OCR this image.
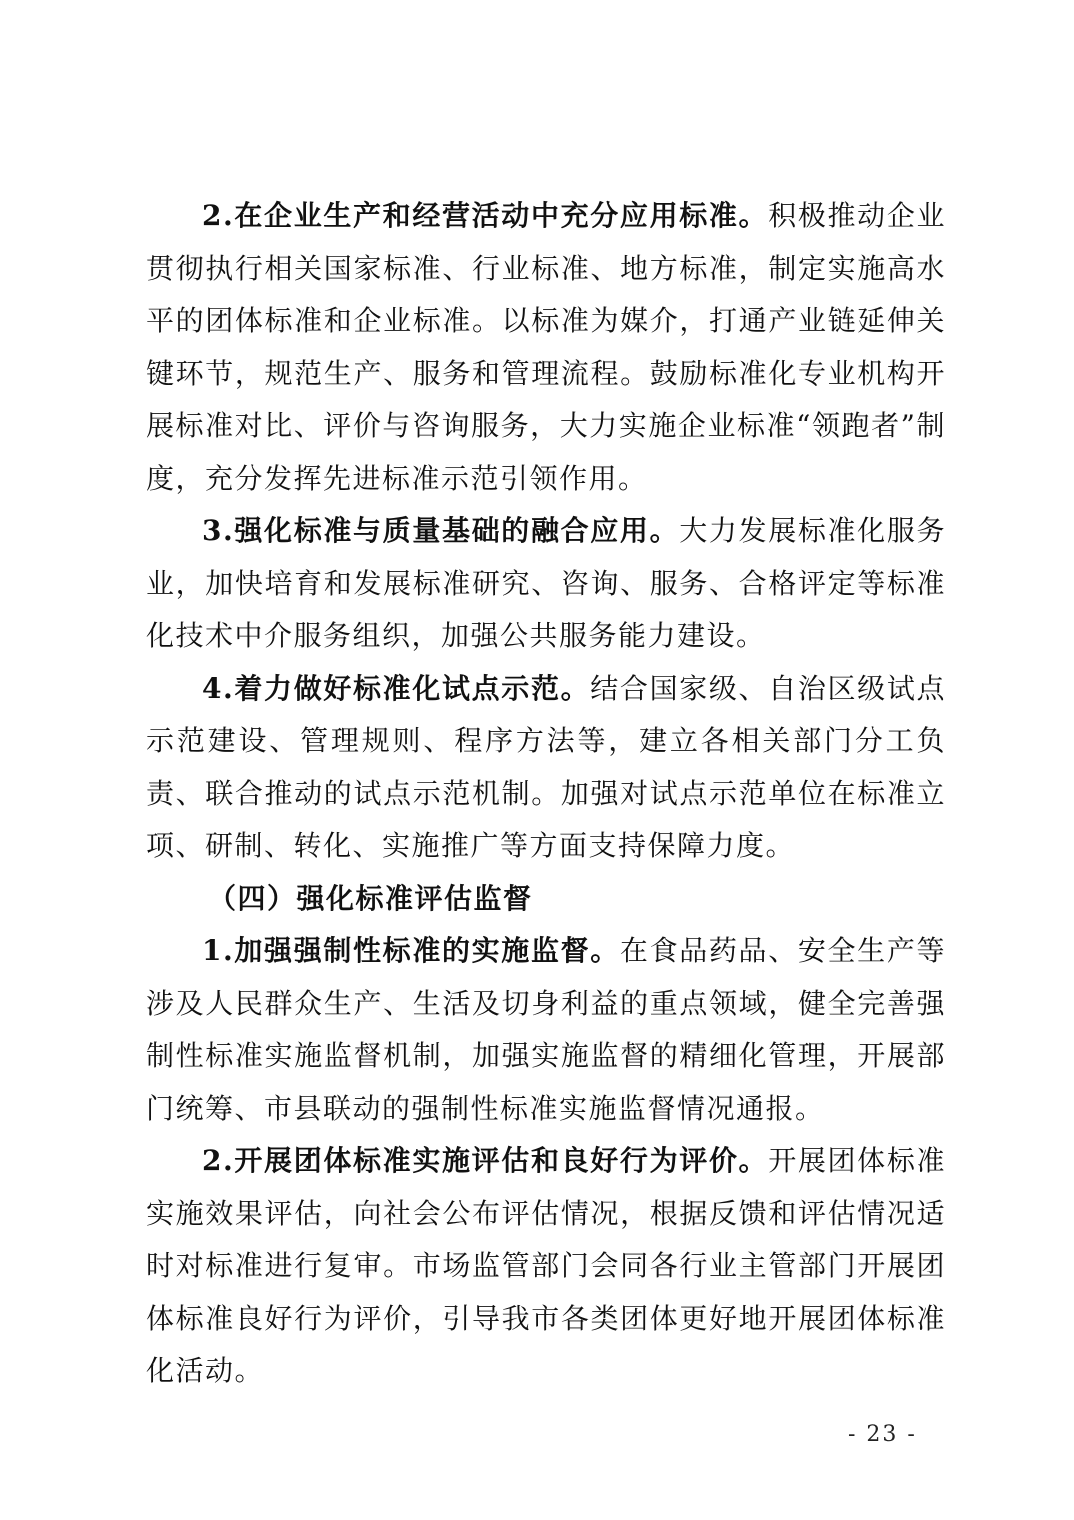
2.在企业生产和经营活动中充分应用标准。积极推动企业贯彻执行相关国家标准、行业标准、地方标准，制定实施高水平的团体标准和企业标准。以标准为媒介，打通产业链延伸关键环节，规范生产、服务和管理流程。鼓励标准化专业机构开展标准对比、评价与咨询服务，大力实施企业标准“领跑者”制度，充分发挥先进标准示范引领作用。

3.强化标准与质量基础的融合应用。大力发展标准化服务业，加快培育和发展标准研究、咨询、服务、合格评定等标准化技术中介服务组织，加强公共服务能力建设。

4.着力做好标准化试点示范。结合国家级、自治区级试点示范建设、管理规则、程序方法等，建立各相关部门分工负责、联合推动的试点示范机制。加强对试点示范单位在标准立项、研制、转化、实施推广等方面支持保障力度。

（四）强化标准评估监督

1.加强强制性标准的实施监督。在食品药品、安全生产等涉及人民群众生产、生活及切身利益的重点领域，健全完善强制性标准实施监督机制，加强实施监督的精细化管理，开展部门统筹、市县联动的强制性标准实施监督情况通报。

2.开展团体标准实施评估和良好行为评价。开展团体标准实施效果评估，向社会公布评估情况，根据反馈和评估情况适时对标准进行复审。市场监管部门会同各行业主管部门开展团体标准良好行为评价，引导我市各类团体更好地开展团体标准化活动。

- 23 -
